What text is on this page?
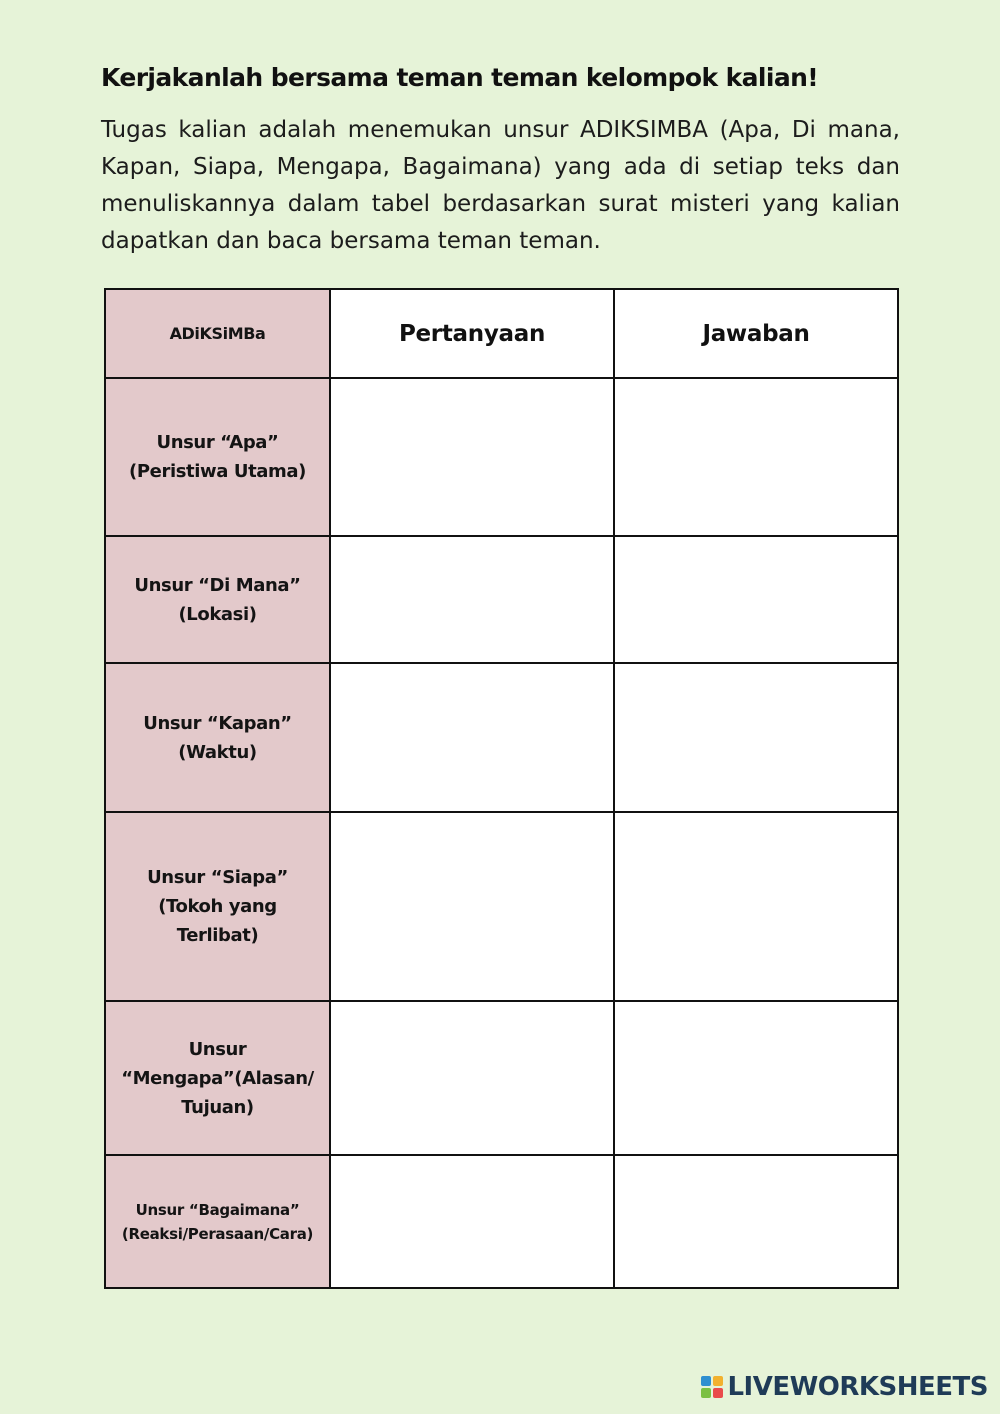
Kerjakanlah bersama teman teman kelompok kalian!

Tugas kalian adalah menemukan unsur ADIKSIMBA (Apa, Di mana, Kapan, Siapa, Mengapa, Bagaimana) yang ada di setiap teks dan menuliskannya dalam tabel berdasarkan surat misteri yang kalian dapatkan dan baca bersama teman teman.

ADiKSiMBa	Pertanyaan	Jawaban

Unsur “Apa”
(Peristiwa Utama)		

Unsur “Di Mana”
(Lokasi)		

Unsur “Kapan”
(Waktu)		

Unsur “Siapa”
(Tokoh yang
Terlibat)		

Unsur
“Mengapa”(Alasan/
Tujuan)		

Unsur “Bagaimana”
(Reaksi/Perasaan/Cara)		

LIVEWORKSHEETS
